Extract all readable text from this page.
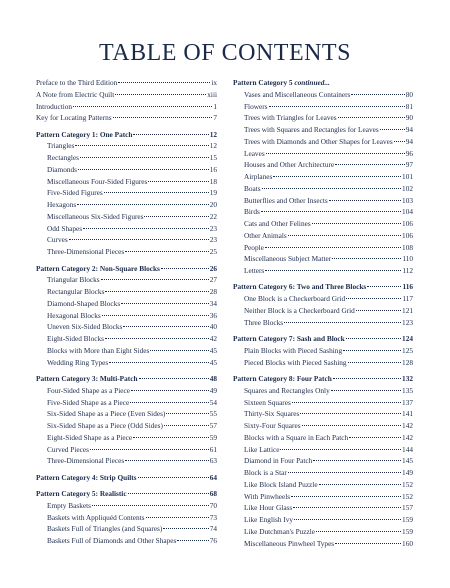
TABLE OF CONTENTS
Preface to the Third Edition	ix
A Note from Electric Quilt	xiii
Introduction	1
Key for Locating Patterns	7
Pattern Category 1: One Patch	12
Triangles	12
Rectangles	15
Diamonds	16
Miscellaneous Four-Sided Figures	18
Five-Sided Figures	19
Hexagons	20
Miscellaneous Six-Sided Figures	22
Odd Shapes	23
Curves	23
Three-Dimensional Pieces	25
Pattern Category 2: Non-Square Blocks	26
Triangular Blocks	27
Rectangular Blocks	28
Diamond-Shaped Blocks	34
Hexagonal Blocks	36
Uneven Six-Sided Blocks	40
Eight-Sided Blocks	42
Blocks with More than Eight Sides	45
Wedding Ring Types	45
Pattern Category 3: Multi-Patch	48
Four-Sided Shape as a Piece	49
Five-Sided Shape as a Piece	54
Six-Sided Shape as a Piece (Even Sides)	55
Six-Sided Shape as a Piece (Odd Sides)	57
Eight-Sided Shape as a Piece	59
Curved Pieces	61
Three-Dimensional Pieces	63
Pattern Category 4: Strip Quilts	64
Pattern Category 5: Realistic	68
Empty Baskets	70
Baskets with Appliquéd Contents	73
Baskets Full of Triangles (and Squares)	74
Baskets Full of Diamonds and Other Shapes	76
Pattern Category 5 continued...
Vases and Miscellaneous Containers	80
Flowers	81
Trees with Triangles for Leaves	90
Trees with Squares and Rectangles for Leaves	94
Trees with Diamonds and Other Shapes for Leaves 94
Leaves	96
Houses and Other Architecture	97
Airplanes	101
Boats	102
Butterflies and Other Insects	103
Birds	104
Cats and Other Felines	106
Other Animals	106
People	108
Miscellaneous Subject Matter	110
Letters	112
Pattern Category 6: Two and Three Blocks	116
One Block is a Checkerboard Grid	117
Neither Block is a Checkerboard Grid	121
Three Blocks	123
Pattern Category 7: Sash and Block	124
Plain Blocks with Pieced Sashing	125
Pieced Blocks with Pieced Sashing	128
Pattern Category 8: Four Patch	132
Squares and Rectangles Only	135
Sixteen Squares	137
Thirty-Six Squares	141
Sixty-Four Squares	142
Blocks with a Square in Each Patch	142
Like Lattice	144
Diamond in Four Patch	145
Block is a Star	149
Like Block Island Puzzle	152
With Pinwheels	152
Like Hour Glass	157
Like English Ivy	159
Like Dutchman's Puzzle	159
Miscellaneous Pinwheel Types	160
